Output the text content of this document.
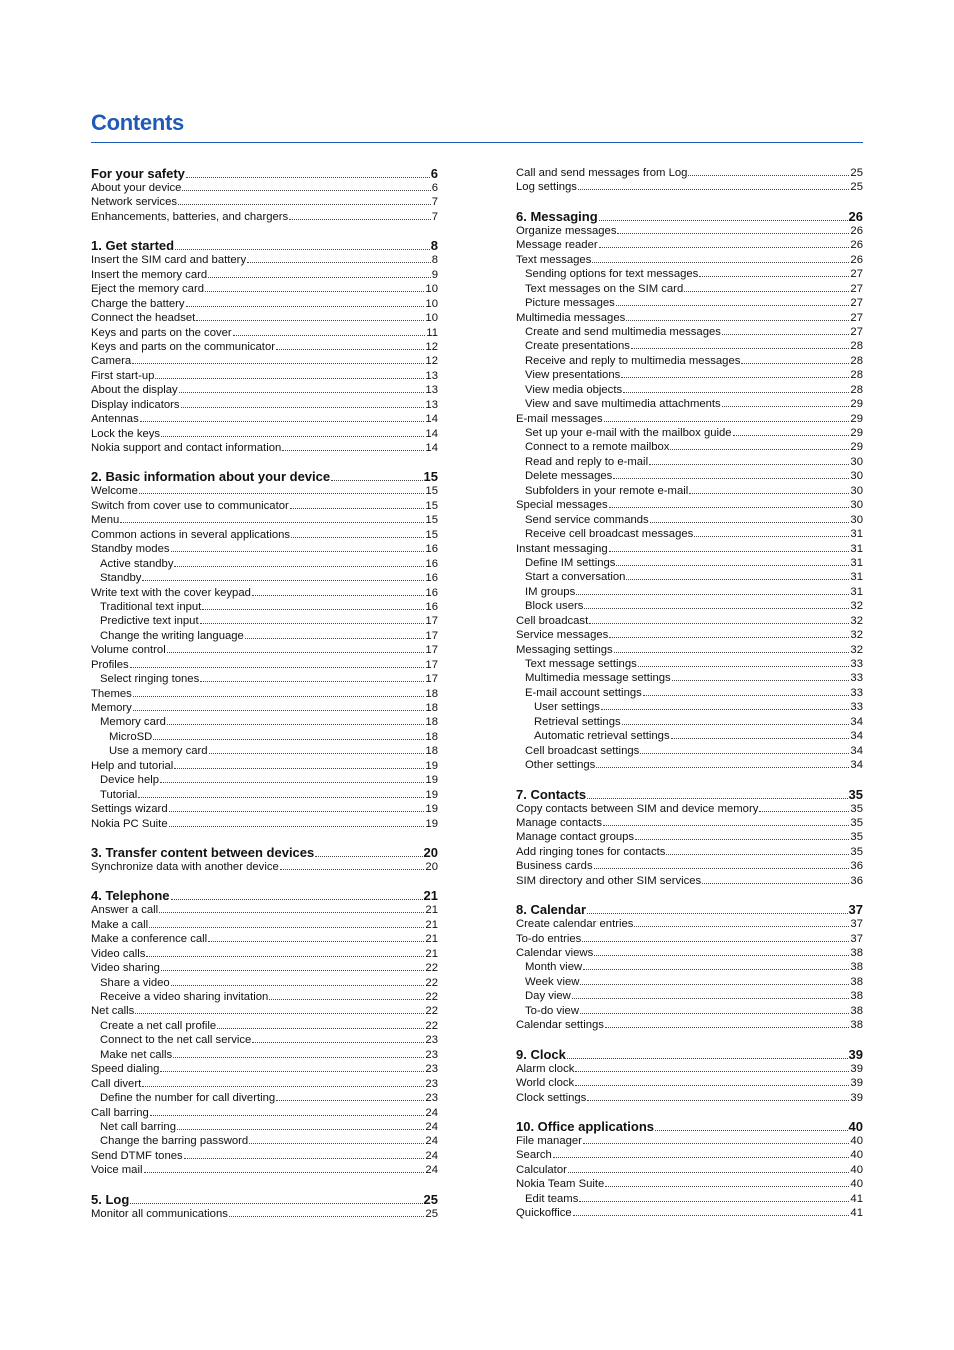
Contents
For your safety	6
About your device	6
Network services	7
Enhancements, batteries, and chargers	7
1. Get started	8
Insert the SIM card and battery	8
Insert the memory card	9
Eject the memory card	10
Charge the battery	10
Connect the headset	10
Keys and parts on the cover	11
Keys and parts on the communicator	12
Camera	12
First start-up	13
About the display	13
Display indicators	13
Antennas	14
Lock the keys	14
Nokia support and contact information	14
2. Basic information about your device	15
Welcome	15
Switch from cover use to communicator	15
Menu	15
Common actions in several applications	15
Standby modes	16
Active standby	16
Standby	16
Write text with the cover keypad	16
Traditional text input	16
Predictive text input	17
Change the writing language	17
Volume control	17
Profiles	17
Select ringing tones	17
Themes	18
Memory	18
Memory card	18
MicroSD	18
Use a memory card	18
Help and tutorial	19
Device help	19
Tutorial	19
Settings wizard	19
Nokia PC Suite	19
3. Transfer content between devices	20
Synchronize data with another device	20
4. Telephone	21
Answer a call	21
Make a call	21
Make a conference call	21
Video calls	21
Video sharing	22
Share a video	22
Receive a video sharing invitation	22
Net calls	22
Create a net call profile	22
Connect to the net call service	23
Make net calls	23
Speed dialing	23
Call divert	23
Define the number for call diverting	23
Call barring	24
Net call barring	24
Change the barring password	24
Send DTMF tones	24
Voice mail	24
5. Log	25
Monitor all communications	25
Call and send messages from Log	25
Log settings	25
6. Messaging	26
Organize messages	26
Message reader	26
Text messages	26
Sending options for text messages	27
Text messages on the SIM card	27
Picture messages	27
Multimedia messages	27
Create and send multimedia messages	27
Create presentations	28
Receive and reply to multimedia messages	28
View presentations	28
View media objects	28
View and save multimedia attachments	29
E-mail messages	29
Set up your e-mail with the mailbox guide	29
Connect to a remote mailbox	29
Read and reply to e-mail	30
Delete messages	30
Subfolders in your remote e-mail	30
Special messages	30
Send service commands	30
Receive cell broadcast messages	31
Instant messaging	31
Define IM settings	31
Start a conversation	31
IM groups	31
Block users	32
Cell broadcast	32
Service messages	32
Messaging settings	32
Text message settings	33
Multimedia message settings	33
E-mail account settings	33
User settings	33
Retrieval settings	34
Automatic retrieval settings	34
Cell broadcast settings	34
Other settings	34
7. Contacts	35
Copy contacts between SIM and device memory	35
Manage contacts	35
Manage contact groups	35
Add ringing tones for contacts	35
Business cards	36
SIM directory and other SIM services	36
8. Calendar	37
Create calendar entries	37
To-do entries	37
Calendar views	38
Month view	38
Week view	38
Day view	38
To-do view	38
Calendar settings	38
9. Clock	39
Alarm clock	39
World clock	39
Clock settings	39
10. Office applications	40
File manager	40
Search	40
Calculator	40
Nokia Team Suite	40
Edit teams	41
Quickoffice	41
